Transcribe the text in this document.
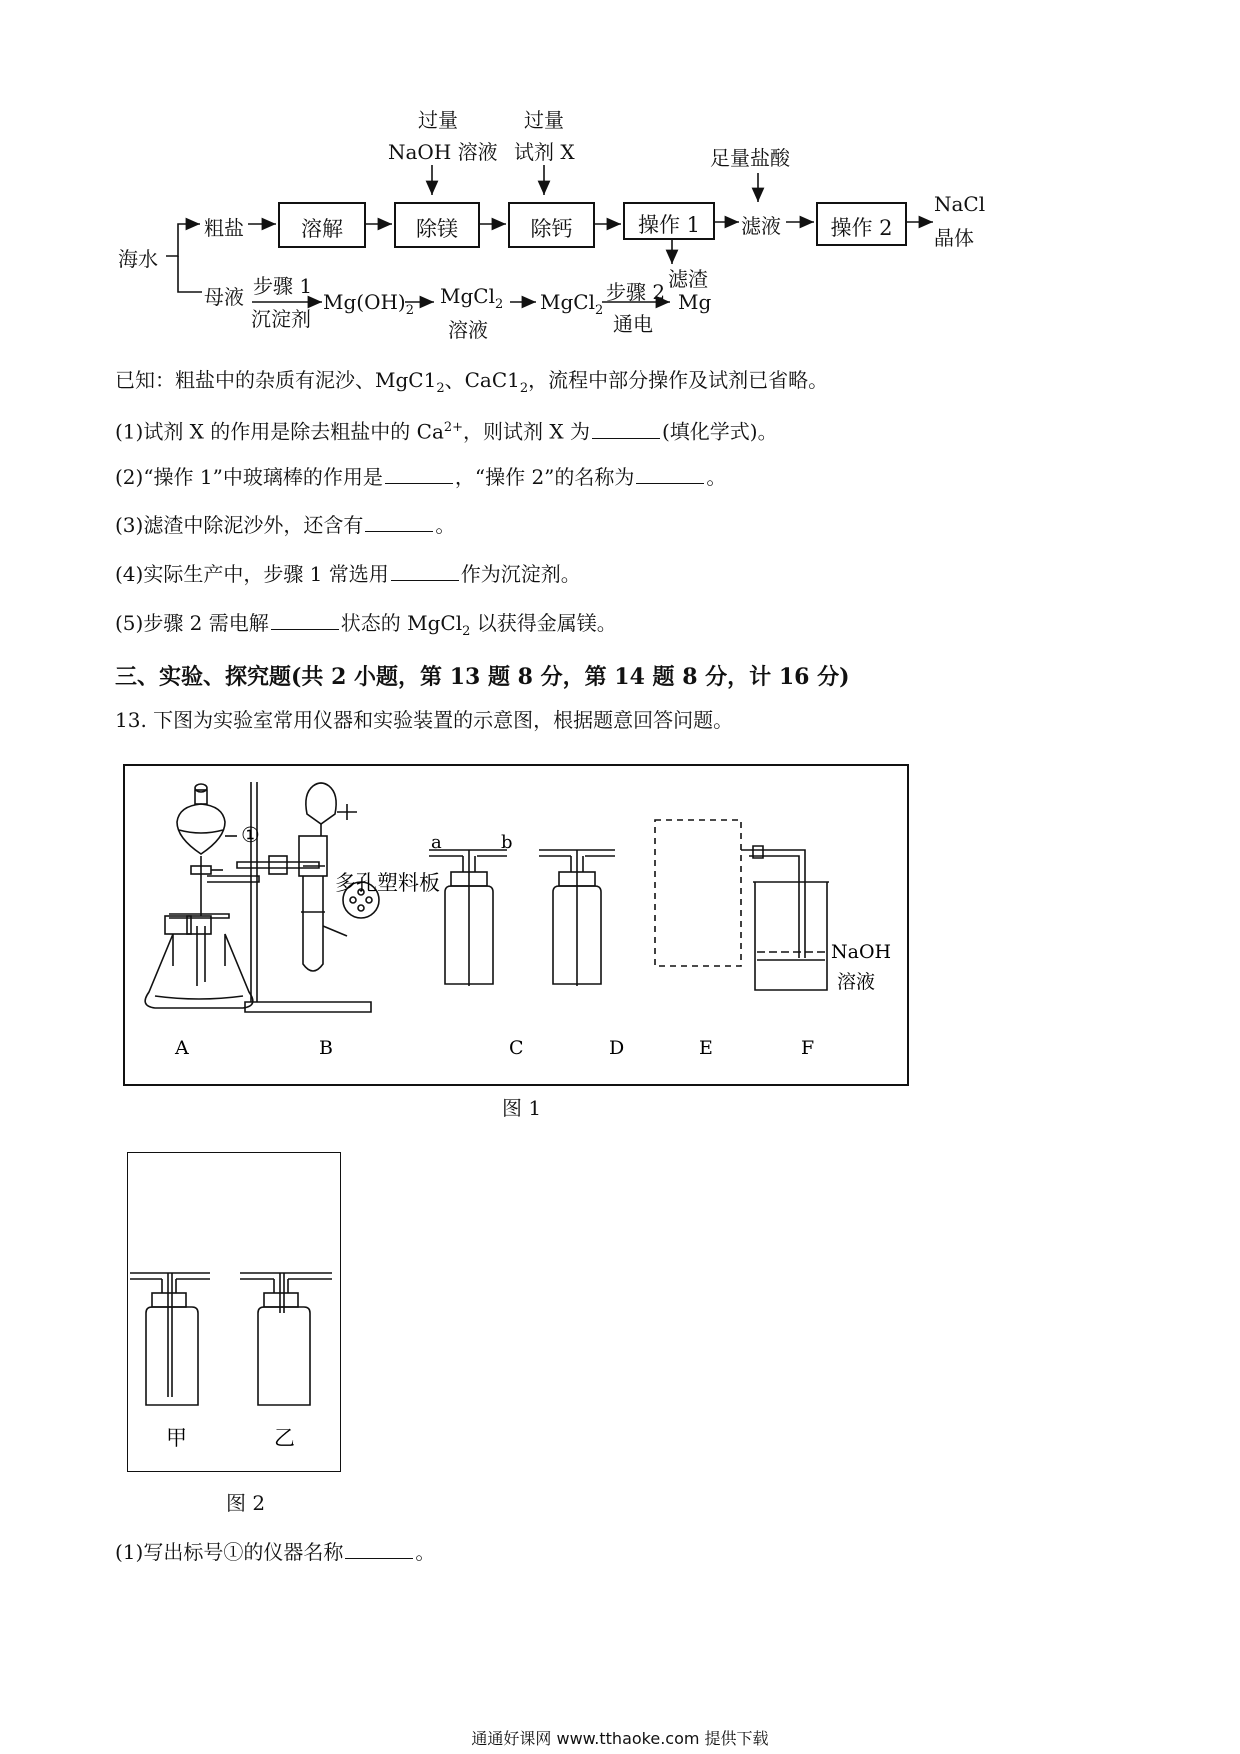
过量
NaOH 溶液
过量
试剂 X	足量盐酸
海水
粗盐
母液
溶解	除镁	除钙	操作 1	滤液	操作 2
NaCl
晶体
滤渣
步骤 1
沉淀剂
$Mg(OH)_2$
MgCl$_2$
溶液
MgCl$_2$
步骤 2
通电
Mg
已知：粗盐中的杂质有泥沙、$MgC1_2$、$CaC1_2$，流程中部分操作及试剂已省略。
(1)试剂 X 的作用是除去粗盐中的 $Ca^{2+}$，则试剂 X 为	(填化学式)。
(2)“操作 1”中玻璃棒的作用是	，“操作 2”的名称为	。
(3)滤渣中除泥沙外，还含有	。
(4)实际生产中，步骤 1 常选用	作为沉淀剂。
(5)步骤 2 需电解	状态的 MgCl$_2$ 以获得金属镁。
三、实验、探究题(共 2 小题，第 13 题 8 分，第 14 题 8 分，计 16 分)
13. 下图为实验室常用仪器和实验装置的示意图，根据题意回答问题。
①
多孔塑料板
a	b
NaOH
溶液
A	B	C	D	E	F
图 1
甲	乙
图 2
(1)写出标号①的仪器名称	。
通通好课网 www.tthaoke.com 提供下载
